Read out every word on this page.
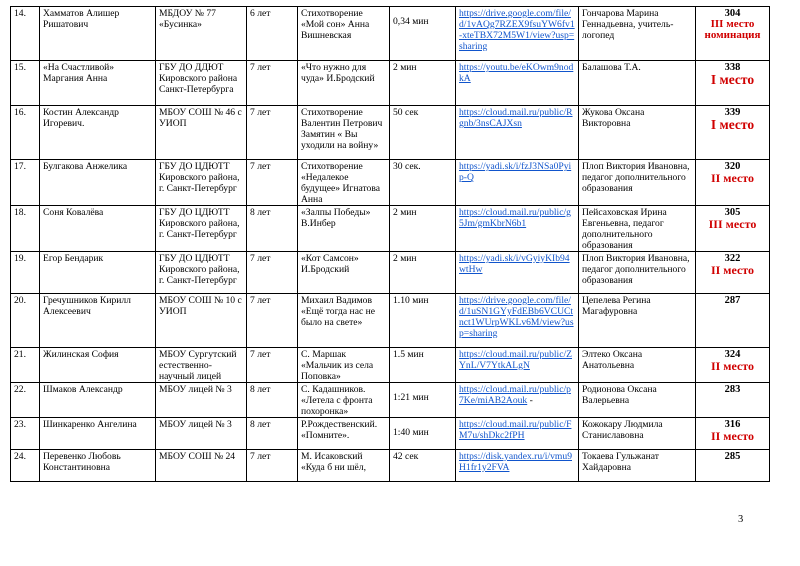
14.	Хамматов Алишер Ришатович	МБДОУ № 77 «Бусинка»	6 лет	Стихотворение «Мой сон» Анна Вишневская	0,34 мин	https://drive.google.com/file/d/1vAQg7RZEX9fsuYW6fv1-xteTBX72M5W1/view?usp=sharing	Гончарова Марина Геннадьевна, учитель-логопед	304
III место номинация

15.	«На Счастливой» Маргания Анна	ГБУ ДО ДДЮТ Кировского района Санкт-Петербурга	7 лет	«Что нужно для чуда» И.Бродский	2 мин	https://youtu.be/eKOwm9nodkA	Балашова Т.А.	338
I место

16.	Костин Александр Игоревич.	МБОУ СОШ № 46 с УИОП	7 лет	Стихотворение Валентин Петрович Замятин « Вы уходили на войну»	50 сек	https://cloud.mail.ru/public/Rgnb/3nsCAJXsn	Жукова Оксана Викторовна	339
I место

17.	Булгакова Анжелика	ГБУ ДО ЦДЮТТ Кировского района, г. Санкт-Петербург	7 лет	Стихотворение «Недалекое будущее» Игнатова Анна	30 сек.	https://yadi.sk/i/fzJ3NSa0Pyip-Q	Плоп Виктория Ивановна, педагог дополнительного образования	320
II место

18.	Соня Ковалёва	ГБУ ДО ЦДЮТТ Кировского района, г. Санкт-Петербург	8 лет	«Залпы Победы» В.Инбер	2 мин	https://cloud.mail.ru/public/g5Jm/gmKbrN6b1	Пейсаховская Ирина Евгеньевна, педагог дополнительного образования	305
III место

19.	Егор Бендарик	ГБУ ДО ЦДЮТТ Кировского района, г. Санкт-Петербург	7 лет	«Кот Самсон» И.Бродский	2 мин	https://yadi.sk/i/vGyiyKIb94wtHw	Плоп Виктория Ивановна, педагог дополнительного образования	322
II место

20.	Гречушников Кирилл Алексеевич	МБОУ СОШ № 10 с УИОП	7 лет	Михаил Вадимов «Ещё тогда нас не было на свете»	1.10 мин	https://drive.google.com/file/d/1uSN1GYyFdEBb6VCUCtnct1WUrpWKLv6M/view?usp=sharing	Цепелева Регина Магафуровна	287

21.	Жилинская София	МБОУ Сургутский естественно-научный лицей	7 лет	С. Маршак «Мальчик из села Поповка»	1.5 мин	https://cloud.mail.ru/public/ZYnL/V7YtkALgN	Элтеко Оксана Анатольевна	324
II место

22.	Шмаков Александр	МБОУ лицей № 3	8 лет	С. Кадашников. «Летела с фронта похоронка»	1:21 мин	https://cloud.mail.ru/public/p7Ke/miAB2Aouk -	Родионова Оксана Валерьевна	283

23.	Шинкаренко Ангелина	МБОУ лицей № 3	8 лет	Р.Рождественский. «Помните».	1:40 мин	https://cloud.mail.ru/public/FM7u/shDkc2fPH	Кожокару Людмила Станиславовна	316
II место

24.	Перевенко Любовь Константиновна	МБОУ СОШ № 24	7 лет	М. Исаковский «Куда б ни шёл,	42 сек	https://disk.yandex.ru/i/vmu9H1fr1y2FVA	Токаева Гульжанат Хайдаровна	285
3
